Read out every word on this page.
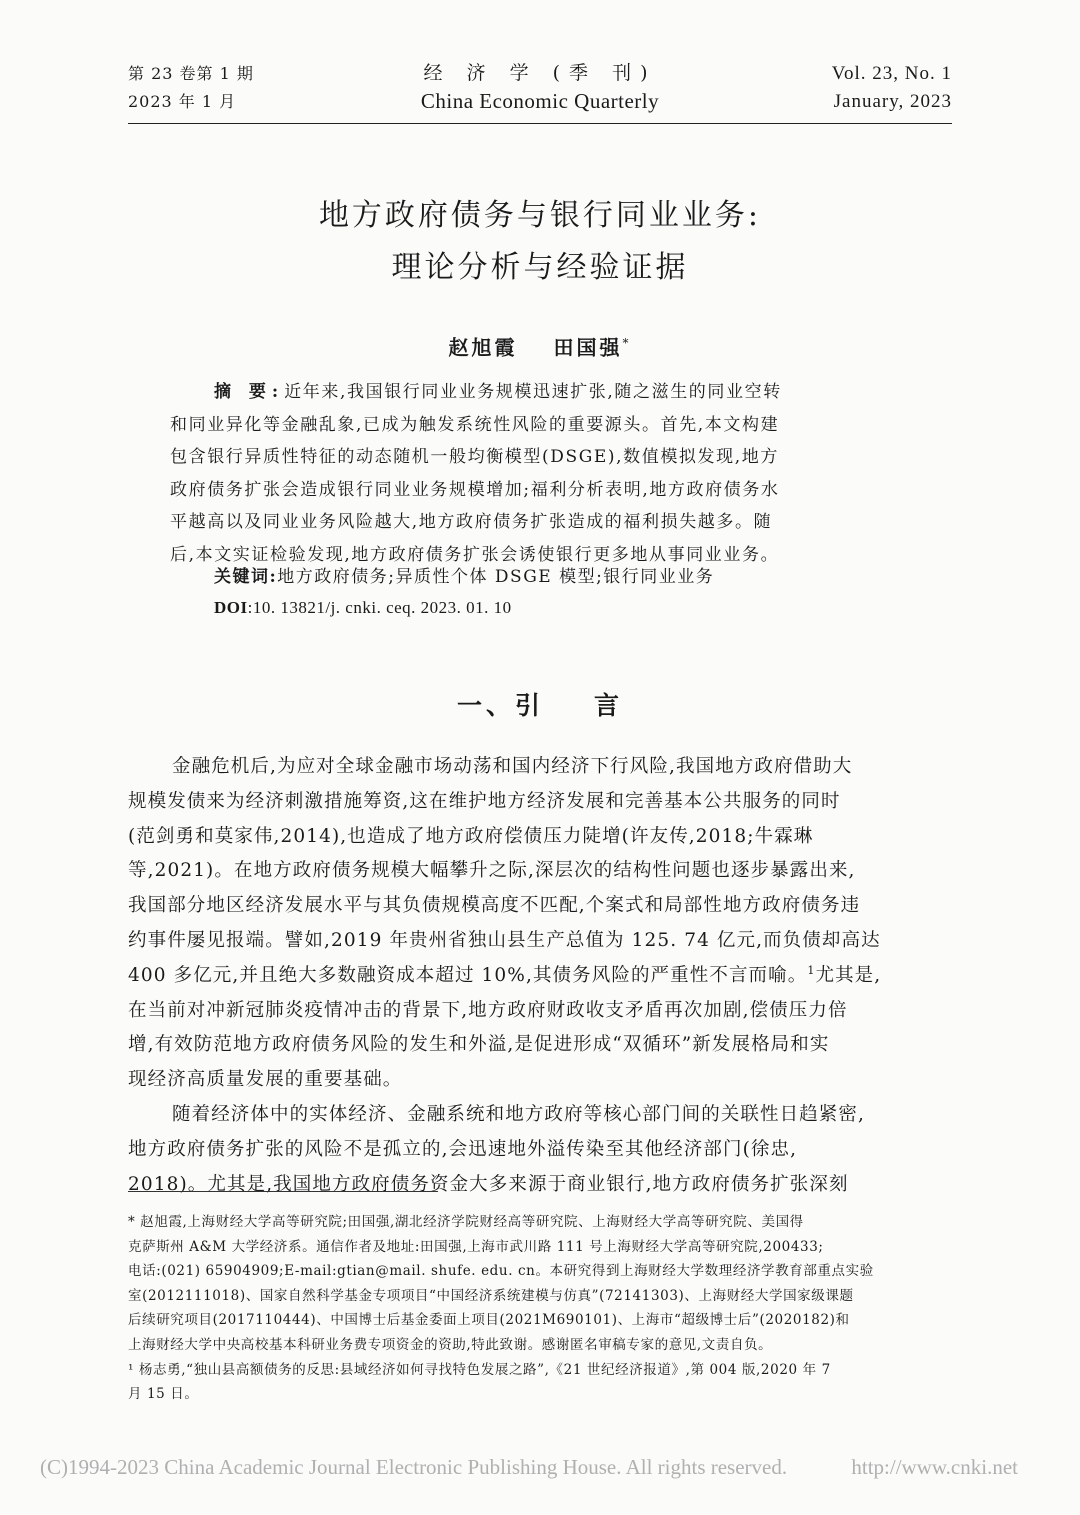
第 23 卷第 1 期
2023 年 1 月
经 济 学 (季 刊)
China Economic Quarterly
Vol. 23, No. 1
January, 2023
地方政府债务与银行同业业务:
理论分析与经验证据
赵旭霞 田国强*
摘 要:近年来,我国银行同业业务规模迅速扩张,随之滋生的同业空转
和同业异化等金融乱象,已成为触发系统性风险的重要源头。首先,本文构建
包含银行异质性特征的动态随机一般均衡模型(DSGE),数值模拟发现,地方
政府债务扩张会造成银行同业业务规模增加;福利分析表明,地方政府债务水
平越高以及同业业务风险越大,地方政府债务扩张造成的福利损失越多。随
后,本文实证检验发现,地方政府债务扩张会诱使银行更多地从事同业业务。
关键词:地方政府债务;异质性个体 DSGE 模型;银行同业业务
DOI:10. 13821/j. cnki. ceq. 2023. 01. 10
一、引 言
金融危机后,为应对全球金融市场动荡和国内经济下行风险,我国地方政府借助大
规模发债来为经济刺激措施筹资,这在维护地方经济发展和完善基本公共服务的同时
(范剑勇和莫家伟,2014),也造成了地方政府偿债压力陡增(许友传,2018;牛霖琳
等,2021)。在地方政府债务规模大幅攀升之际,深层次的结构性问题也逐步暴露出来,
我国部分地区经济发展水平与其负债规模高度不匹配,个案式和局部性地方政府债务违
约事件屡见报端。譬如,2019 年贵州省独山县生产总值为 125. 74 亿元,而负债却高达
400 多亿元,并且绝大多数融资成本超过 10%,其债务风险的严重性不言而喻。$^1$尤其是,
在当前对冲新冠肺炎疫情冲击的背景下,地方政府财政收支矛盾再次加剧,偿债压力倍
增,有效防范地方政府债务风险的发生和外溢,是促进形成“双循环”新发展格局和实
现经济高质量发展的重要基础。
随着经济体中的实体经济、金融系统和地方政府等核心部门间的关联性日趋紧密,
地方政府债务扩张的风险不是孤立的,会迅速地外溢传染至其他经济部门(徐忠,
2018)。尤其是,我国地方政府债务资金大多来源于商业银行,地方政府债务扩张深刻
* 赵旭霞,上海财经大学高等研究院;田国强,湖北经济学院财经高等研究院、上海财经大学高等研究院、美国得
克萨斯州 A&M 大学经济系。通信作者及地址:田国强,上海市武川路 111 号上海财经大学高等研究院,200433;
电话:(021) 65904909;E-mail:gtian@mail. shufe. edu. cn。本研究得到上海财经大学数理经济学教育部重点实验
室(2012111018)、国家自然科学基金专项项目“中国经济系统建模与仿真”(72141303)、上海财经大学国家级课题
后续研究项目(2017110444)、中国博士后基金委面上项目(2021M690101)、上海市“超级博士后”(2020182)和
上海财经大学中央高校基本科研业务费专项资金的资助,特此致谢。感谢匿名审稿专家的意见,文责自负。
¹ 杨志勇,“独山县高额债务的反思:县域经济如何寻找特色发展之路”,《21 世纪经济报道》,第 004 版,2020 年 7
月 15 日。
(C)1994-2023 China Academic Journal Electronic Publishing House. All rights reserved.	http://www.cnki.net
